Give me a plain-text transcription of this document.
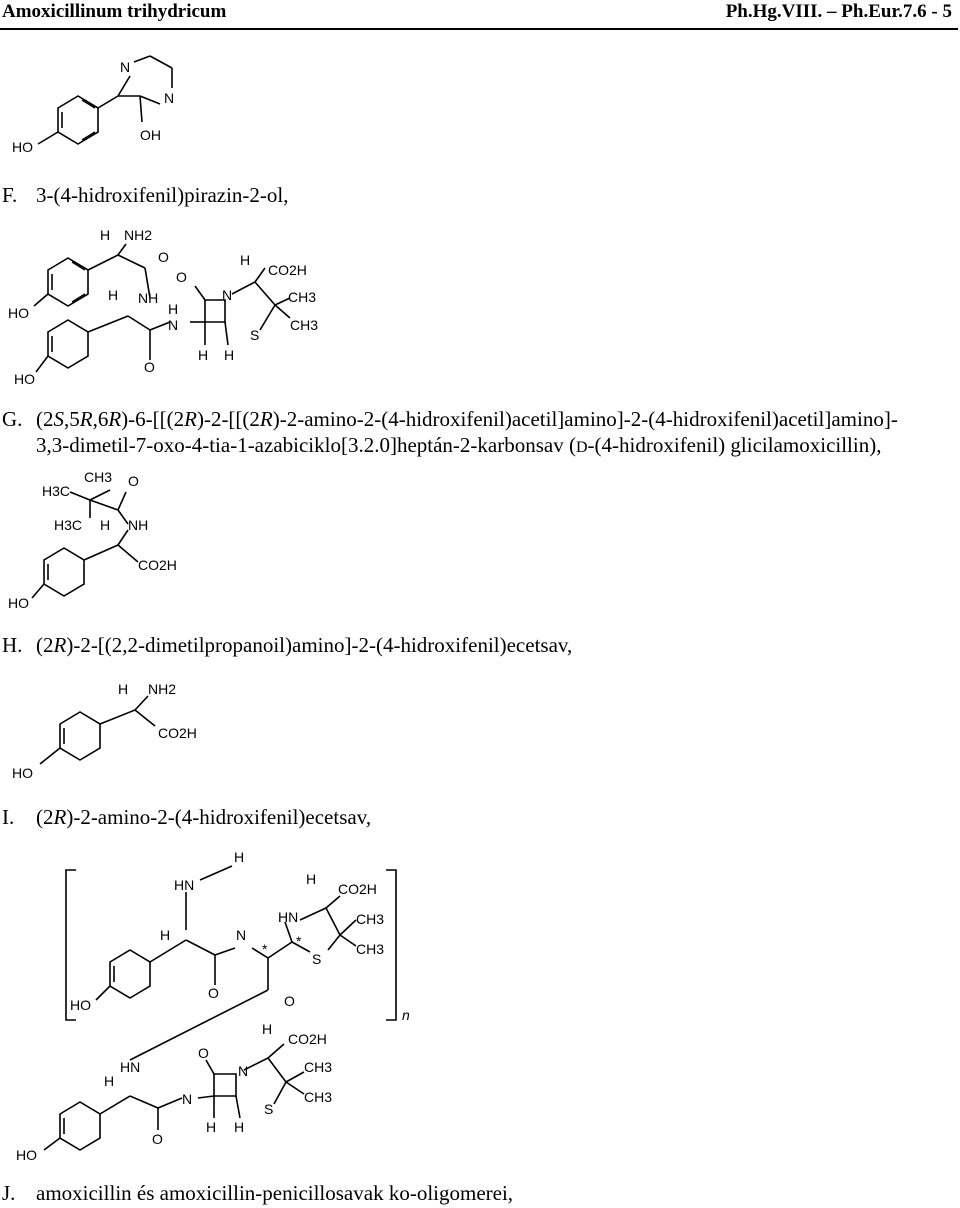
Amoxicillinum trihydricum	Ph.Hg.VIII. – Ph.Eur.7.6 - 5
N
N
OH
HO
F. 3-(4-hidroxifenil)pirazin-2-ol,
H NH2
O
H NH
H
N
O
N
H
CO2H
CH3
CH3
S
H H
O
HO
HO
G. (2S,5R,6R)-6-[[(2R)-2-[[(2R)-2-amino-2-(4-hidroxifenil)acetil]amino]-2-(4-hidroxifenil)acetil]amino]-
3,3-dimetil-7-oxo-4-tia-1-azabiciklo[3.2.0]heptán-2-karbonsav (D-(4-hidroxifenil) glicilamoxicillin),
CH3 O
H3C
H3C H NH
CO2H
HO
H. (2R)-2-[(2,2-dimetilpropanoil)amino]-2-(4-hidroxifenil)ecetsav,
H NH2
CO2H
HO
I. (2R)-2-amino-2-(4-hidroxifenil)ecetsav,
H
HN	H
CO2H
HN	CH3
CH3
H	N
* *
S
O	O
HO
n
HN
H
O
H
CO2H
N	CH3
N
S
CH3
O
H H
HO
J. amoxicillin és amoxicillin-penicillosavak ko-oligomerei,
